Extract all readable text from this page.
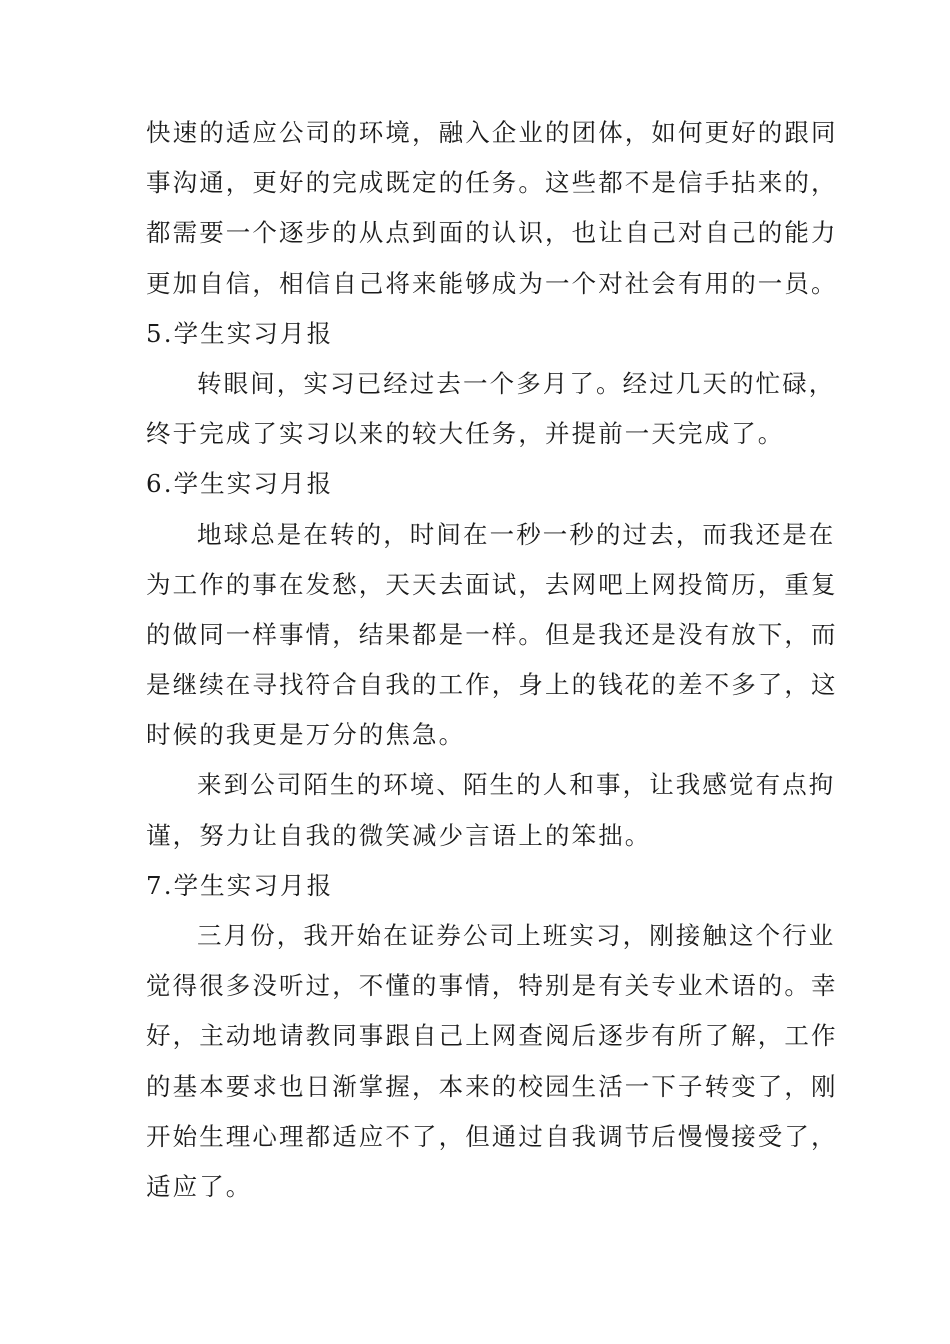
快速的适应公司的环境，融入企业的团体，如何更好的跟同
事沟通，更好的完成既定的任务。这些都不是信手拈来的，
都需要一个逐步的从点到面的认识，也让自己对自己的能力
更加自信，相信自己将来能够成为一个对社会有用的一员。
5.学生实习月报
转眼间，实习已经过去一个多月了。经过几天的忙碌，
终于完成了实习以来的较大任务，并提前一天完成了。
6.学生实习月报
地球总是在转的，时间在一秒一秒的过去，而我还是在
为工作的事在发愁，天天去面试，去网吧上网投简历，重复
的做同一样事情，结果都是一样。但是我还是没有放下，而
是继续在寻找符合自我的工作，身上的钱花的差不多了，这
时候的我更是万分的焦急。
来到公司陌生的环境、陌生的人和事，让我感觉有点拘
谨，努力让自我的微笑减少言语上的笨拙。
7.学生实习月报
三月份，我开始在证券公司上班实习，刚接触这个行业
觉得很多没听过，不懂的事情，特别是有关专业术语的。幸
好，主动地请教同事跟自己上网查阅后逐步有所了解，工作
的基本要求也日渐掌握，本来的校园生活一下子转变了，刚
开始生理心理都适应不了，但通过自我调节后慢慢接受了，
适应了。
